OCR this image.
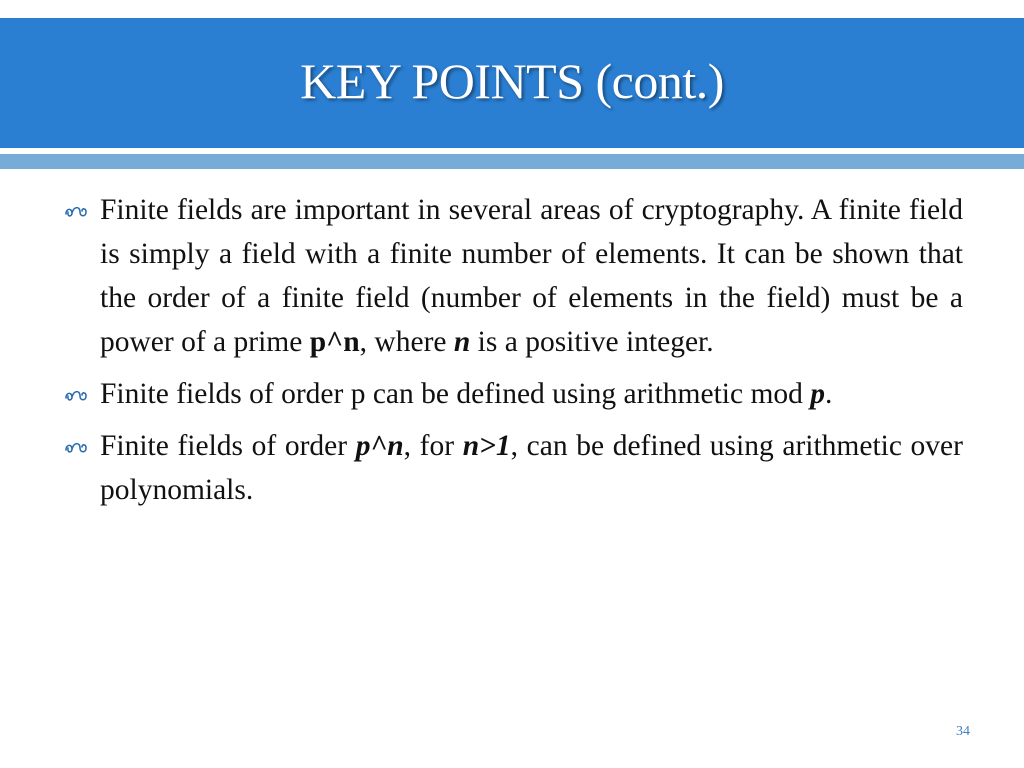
KEY POINTS (cont.)
Finite fields are important in several areas of cryptography. A finite field is simply a field with a finite number of elements. It can be shown that the order of a finite field (number of elements in the field) must be a power of a prime p^n, where n is a positive integer.
Finite fields of order p can be defined using arithmetic mod p.
Finite fields of order p^n, for n>1, can be defined using arithmetic over polynomials.
34
